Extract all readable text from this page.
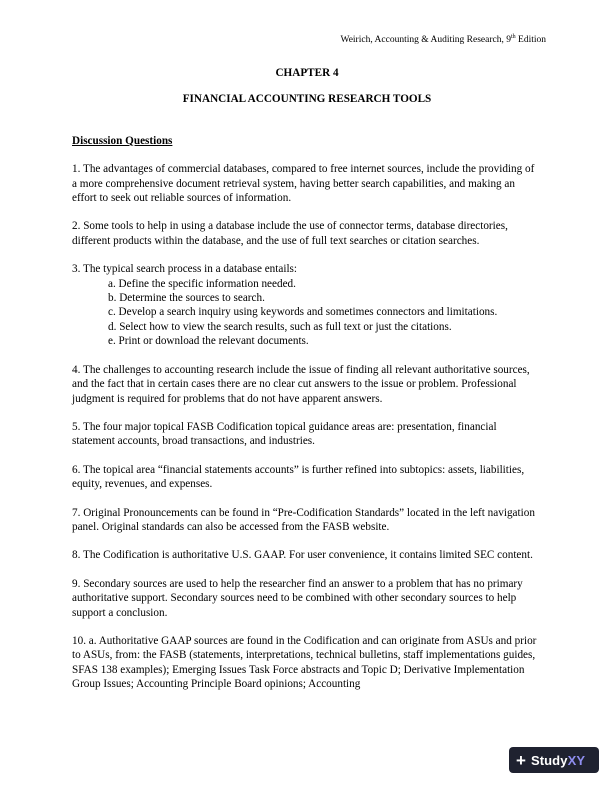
Weirich, Accounting & Auditing Research, 9th Edition

CHAPTER 4

FINANCIAL ACCOUNTING RESEARCH TOOLS

Discussion Questions

1. The advantages of commercial databases, compared to free internet sources, include the providing of a more comprehensive document retrieval system, having better search capabilities, and making an effort to seek out reliable sources of information.

2. Some tools to help in using a database include the use of connector terms, database directories, different products within the database, and the use of full text searches or citation searches.

3. The typical search process in a database entails:

a. Define the specific information needed.
b. Determine the sources to search.
c. Develop a search inquiry using keywords and sometimes connectors and limitations.
d. Select how to view the search results, such as full text or just the citations.
e. Print or download the relevant documents.

4. The challenges to accounting research include the issue of finding all relevant authoritative sources, and the fact that in certain cases there are no clear cut answers to the issue or problem. Professional judgment is required for problems that do not have apparent answers.

5. The four major topical FASB Codification topical guidance areas are: presentation, financial statement accounts, broad transactions, and industries.

6. The topical area “financial statements accounts” is further refined into subtopics: assets, liabilities, equity, revenues, and expenses.

7. Original Pronouncements can be found in “Pre-Codification Standards” located in the left navigation panel. Original standards can also be accessed from the FASB website.

8. The Codification is authoritative U.S. GAAP. For user convenience, it contains limited SEC content.

9. Secondary sources are used to help the researcher find an answer to a problem that has no primary authoritative support. Secondary sources need to be combined with other secondary sources to help support a conclusion.

10. a. Authoritative GAAP sources are found in the Codification and can originate from ASUs and prior to ASUs, from: the FASB (statements, interpretations, technical bulletins, staff implementations guides, SFAS 138 examples); Emerging Issues Task Force abstracts and Topic D; Derivative Implementation Group Issues; Accounting Principle Board opinions; Accounting

+ StudyXY
